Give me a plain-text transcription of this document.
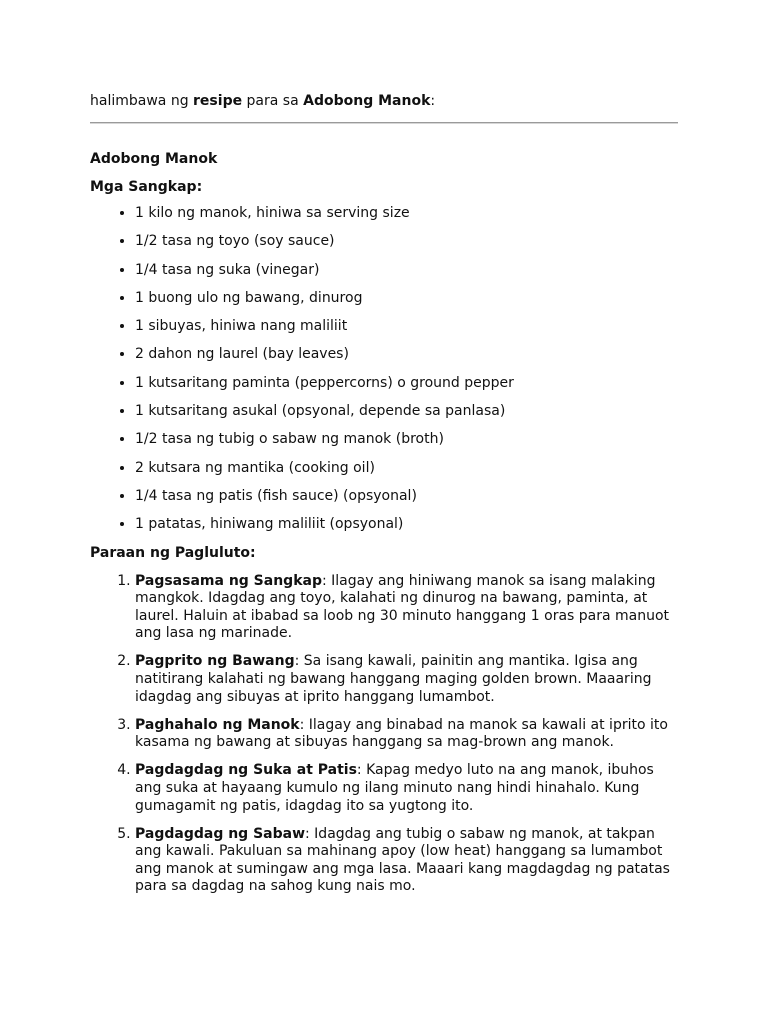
halimbawa ng resipe para sa Adobong Manok:

Adobong Manok
Mga Sangkap:
• 1 kilo ng manok, hiniwa sa serving size
• 1/2 tasa ng toyo (soy sauce)
• 1/4 tasa ng suka (vinegar)
• 1 buong ulo ng bawang, dinurog
• 1 sibuyas, hiniwa nang maliliit
• 2 dahon ng laurel (bay leaves)
• 1 kutsaritang paminta (peppercorns) o ground pepper
• 1 kutsaritang asukal (opsyonal, depende sa panlasa)
• 1/2 tasa ng tubig o sabaw ng manok (broth)
• 2 kutsara ng mantika (cooking oil)
• 1/4 tasa ng patis (fish sauce) (opsyonal)
• 1 patatas, hiniwang maliliit (opsyonal)
Paraan ng Pagluluto:
1. Pagsasama ng Sangkap: Ilagay ang hiniwang manok sa isang malaking mangkok. Idagdag ang toyo, kalahati ng dinurog na bawang, paminta, at laurel. Haluin at ibabad sa loob ng 30 minuto hanggang 1 oras para manuot ang lasa ng marinade.
2. Pagprito ng Bawang: Sa isang kawali, painitin ang mantika. Igisa ang natitirang kalahati ng bawang hanggang maging golden brown. Maaaring idagdag ang sibuyas at iprito hanggang lumambot.
3. Paghahalo ng Manok: Ilagay ang binabad na manok sa kawali at iprito ito kasama ng bawang at sibuyas hanggang sa mag-brown ang manok.
4. Pagdagdag ng Suka at Patis: Kapag medyo luto na ang manok, ibuhos ang suka at hayaang kumulo ng ilang minuto nang hindi hinahalo. Kung gumagamit ng patis, idagdag ito sa yugtong ito.
5. Pagdagdag ng Sabaw: Idagdag ang tubig o sabaw ng manok, at takpan ang kawali. Pakuluan sa mahinang apoy (low heat) hanggang sa lumambot ang manok at sumingaw ang mga lasa. Maaari kang magdagdag ng patatas para sa dagdag na sahog kung nais mo.
